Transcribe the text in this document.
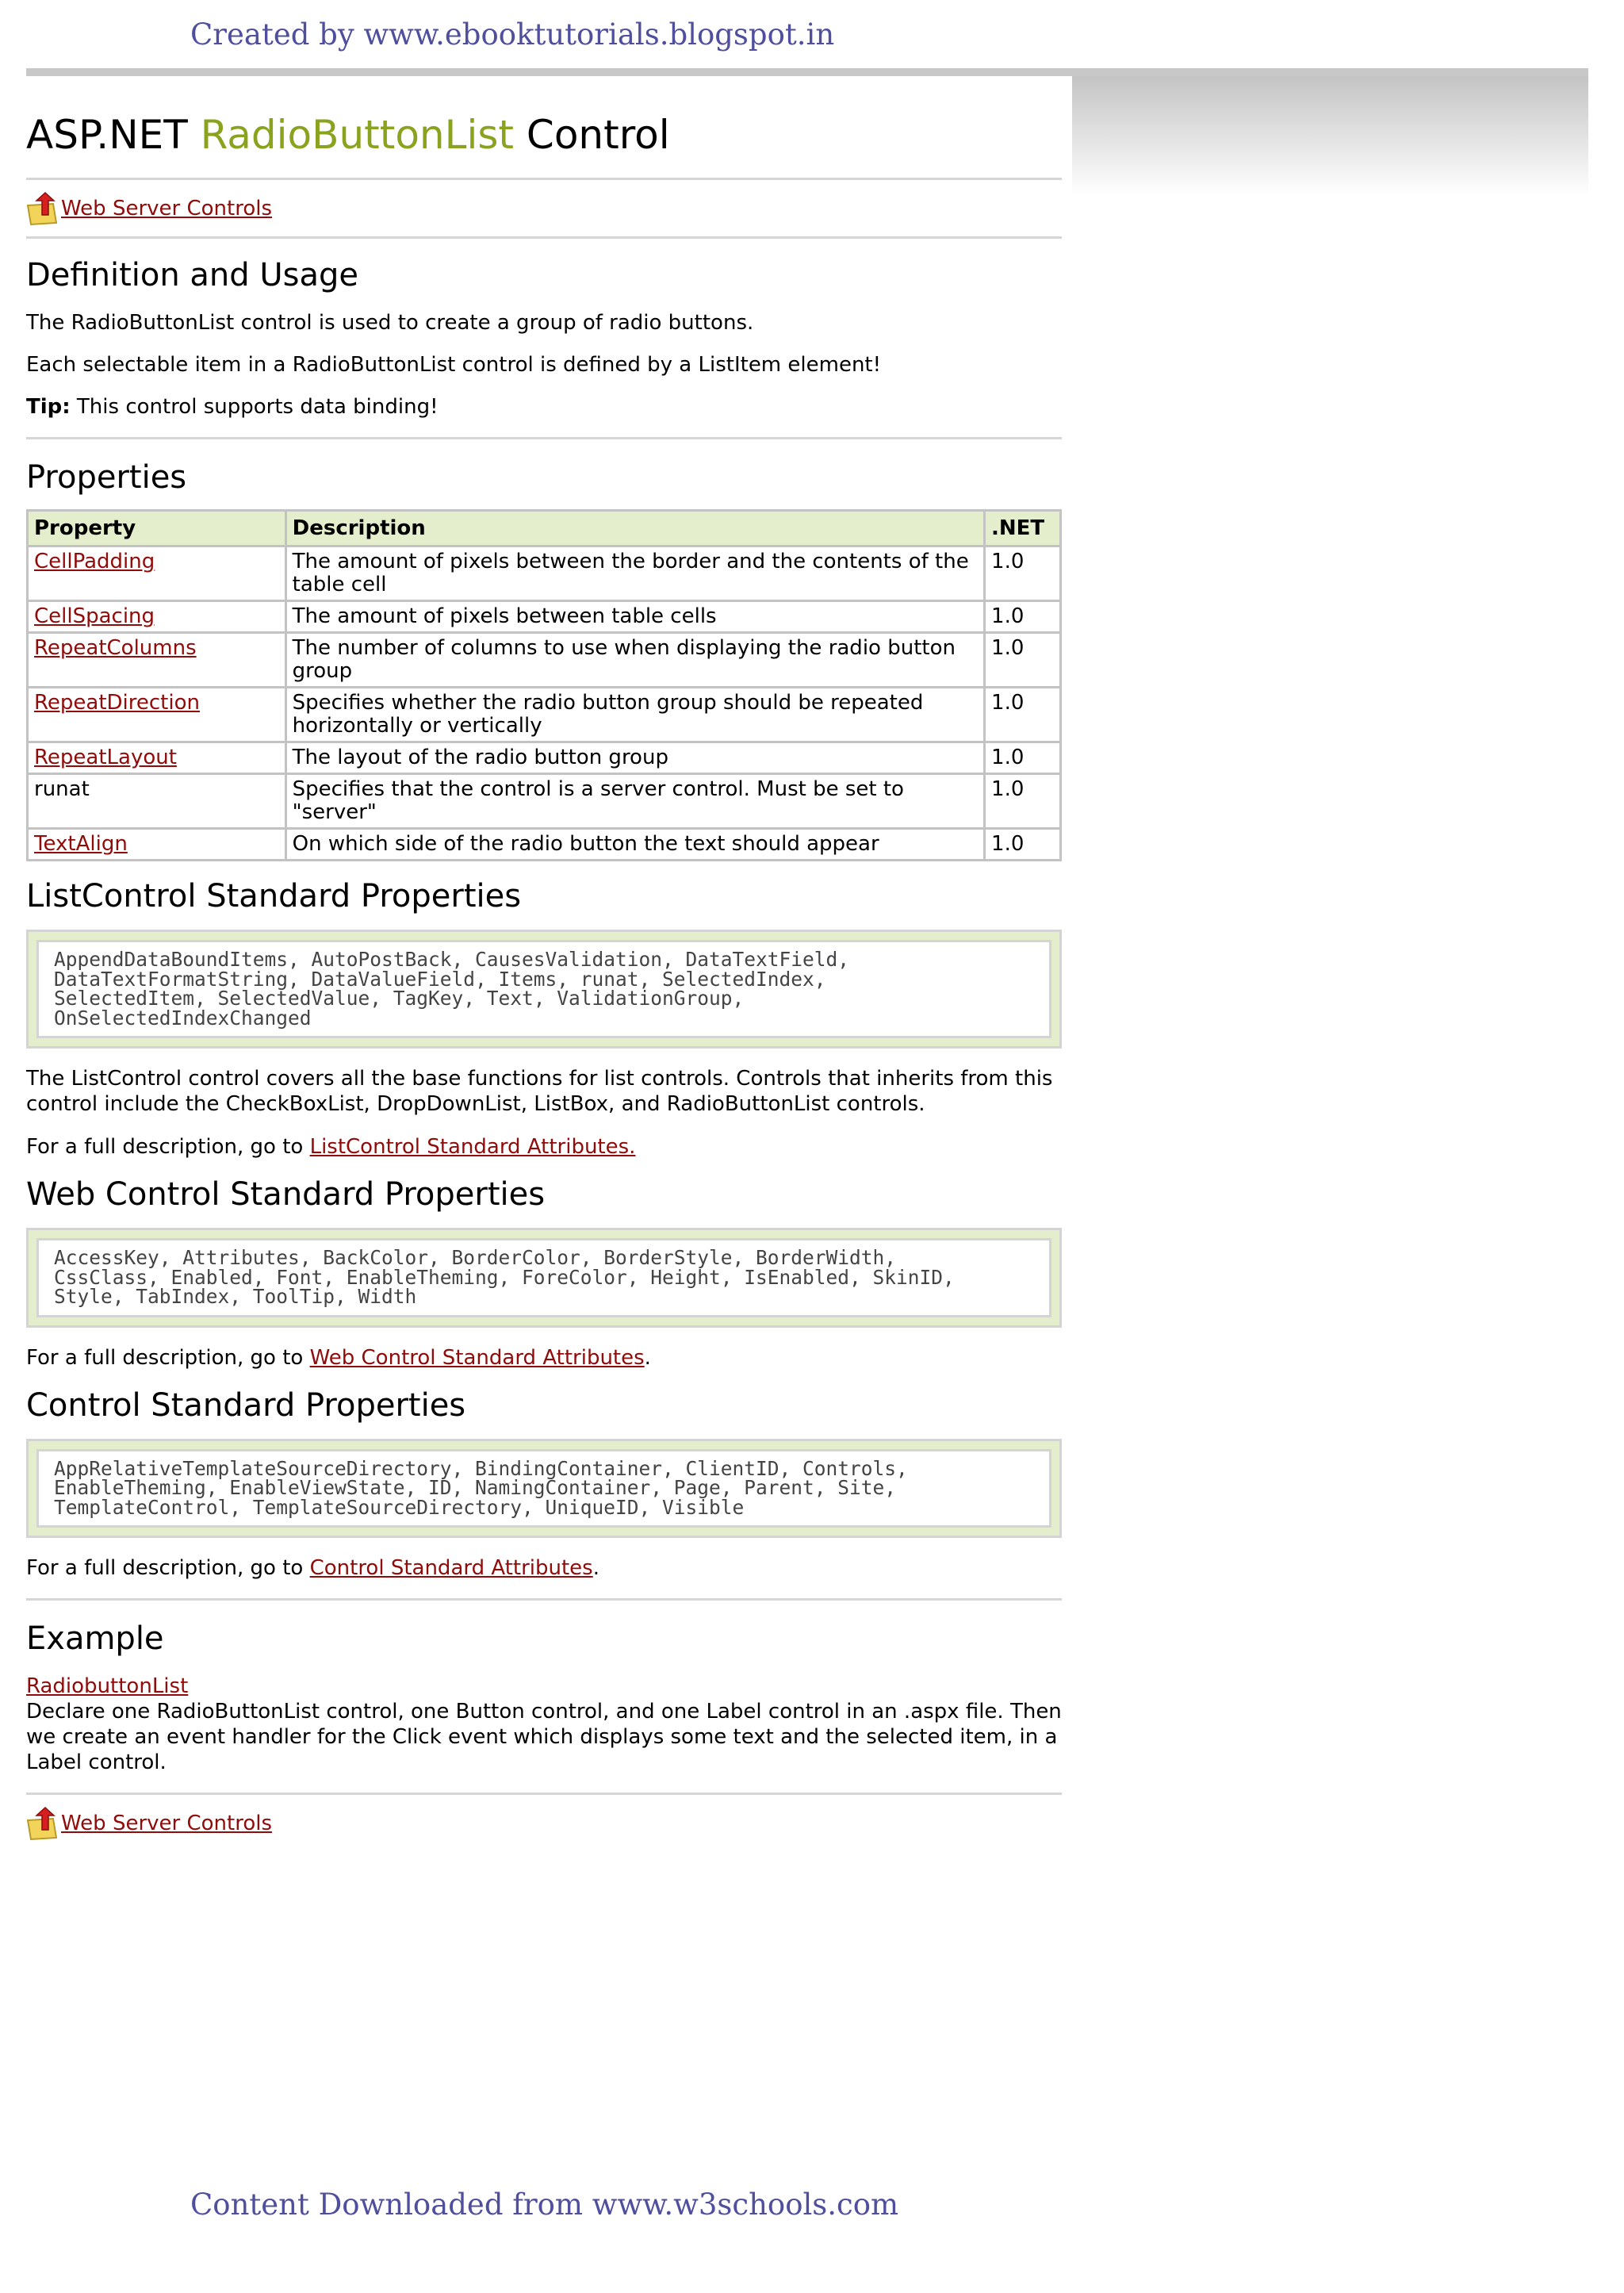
Created by www.ebooktutorials.blogspot.in
ASP.NET RadioButtonList Control
Web Server Controls
Definition and Usage

The RadioButtonList control is used to create a group of radio buttons.

Each selectable item in a RadioButtonList control is defined by a ListItem element!

Tip: This control supports data binding!

Properties
Property	Description	.NET
CellPadding	The amount of pixels between the border and the contents of the table cell	1.0
CellSpacing	The amount of pixels between table cells	1.0
RepeatColumns	The number of columns to use when displaying the radio button group	1.0
RepeatDirection	Specifies whether the radio button group should be repeated horizontally or vertically	1.0
RepeatLayout	The layout of the radio button group	1.0
runat	Specifies that the control is a server control. Must be set to "server"	1.0
TextAlign	On which side of the radio button the text should appear	1.0
ListControl Standard Properties
AppendDataBoundItems, AutoPostBack, CausesValidation, DataTextField,
DataTextFormatString, DataValueField, Items, runat, SelectedIndex,
SelectedItem, SelectedValue, TagKey, Text, ValidationGroup,
OnSelectedIndexChanged

The ListControl control covers all the base functions for list controls. Controls that inherits from this control include the CheckBoxList, DropDownList, ListBox, and RadioButtonList controls.

For a full description, go to ListControl Standard Attributes.

Web Control Standard Properties
AccessKey, Attributes, BackColor, BorderColor, BorderStyle, BorderWidth,
CssClass, Enabled, Font, EnableTheming, ForeColor, Height, IsEnabled, SkinID,
Style, TabIndex, ToolTip, Width

For a full description, go to Web Control Standard Attributes.

Control Standard Properties
AppRelativeTemplateSourceDirectory, BindingContainer, ClientID, Controls,
EnableTheming, EnableViewState, ID, NamingContainer, Page, Parent, Site,
TemplateControl, TemplateSourceDirectory, UniqueID, Visible

For a full description, go to Control Standard Attributes.

Example

RadiobuttonList

Declare one RadioButtonList control, one Button control, and one Label control in an .aspx file. Then we create an event handler for the Click event which displays some text and the selected item, in a Label control.

Web Server Controls
Content Downloaded from www.w3schools.com
